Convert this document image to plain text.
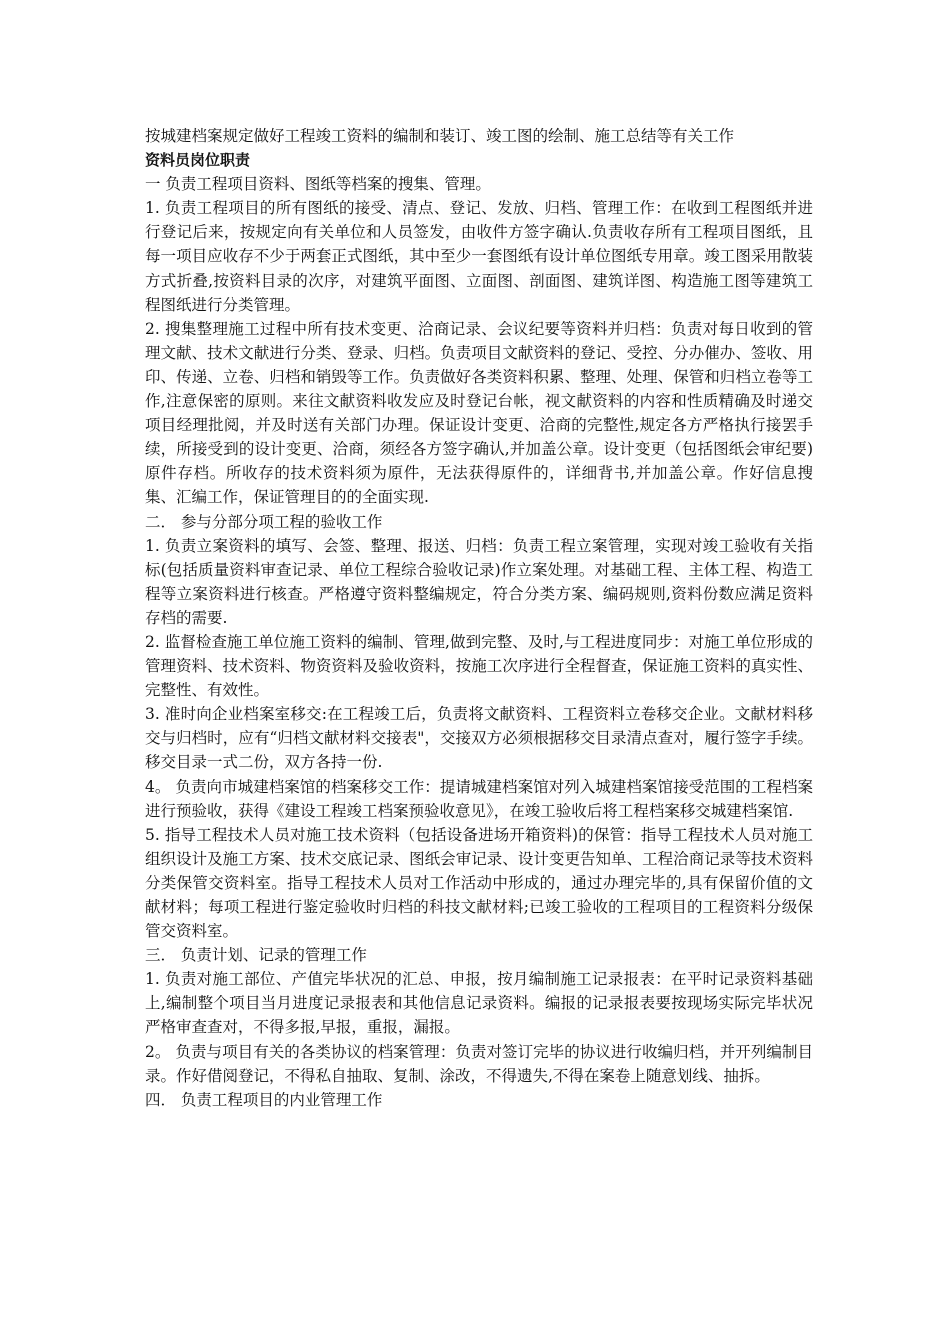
按城建档案规定做好工程竣工资料的编制和装订、竣工图的绘制、施工总结等有关工作

资料员岗位职责

一 负责工程项目资料、图纸等档案的搜集、管理。

1. 负责工程项目的所有图纸的接受、清点、登记、发放、归档、管理工作：在收到工程图纸并进行登记后来，按规定向有关单位和人员签发，由收件方签字确认.负责收存所有工程项目图纸，且每一项目应收存不少于两套正式图纸，其中至少一套图纸有设计单位图纸专用章。竣工图采用散装方式折叠,按资料目录的次序，对建筑平面图、立面图、剖面图、建筑详图、构造施工图等建筑工程图纸进行分类管理。

2. 搜集整理施工过程中所有技术变更、洽商记录、会议纪要等资料并归档：负责对每日收到的管理文献、技术文献进行分类、登录、归档。负责项目文献资料的登记、受控、分办催办、签收、用印、传递、立卷、归档和销毁等工作。负责做好各类资料积累、整理、处理、保管和归档立卷等工作,注意保密的原则。来往文献资料收发应及时登记台帐，视文献资料的内容和性质精确及时递交项目经理批阅，并及时送有关部门办理。保证设计变更、洽商的完整性,规定各方严格执行接罢手续，所接受到的设计变更、洽商，须经各方签字确认,并加盖公章。设计变更（包括图纸会审纪要)原件存档。所收存的技术资料须为原件，无法获得原件的，详细背书,并加盖公章。作好信息搜集、汇编工作，保证管理目的的全面实现.

二． 参与分部分项工程的验收工作

1. 负责立案资料的填写、会签、整理、报送、归档：负责工程立案管理，实现对竣工验收有关指标(包括质量资料审查记录、单位工程综合验收记录)作立案处理。对基础工程、主体工程、构造工程等立案资料进行核查。严格遵守资料整编规定，符合分类方案、编码规则,资料份数应满足资料存档的需要.

2. 监督检查施工单位施工资料的编制、管理,做到完整、及时,与工程进度同步：对施工单位形成的管理资料、技术资料、物资资料及验收资料，按施工次序进行全程督查，保证施工资料的真实性、完整性、有效性。

3. 准时向企业档案室移交:在工程竣工后，负责将文献资料、工程资料立卷移交企业。文献材料移交与归档时，应有“归档文献材料交接表"，交接双方必须根据移交目录清点查对，履行签字手续。移交目录一式二份，双方各持一份.

4。 负责向市城建档案馆的档案移交工作：提请城建档案馆对列入城建档案馆接受范围的工程档案进行预验收，获得《建设工程竣工档案预验收意见》，在竣工验收后将工程档案移交城建档案馆.

5. 指导工程技术人员对施工技术资料（包括设备进场开箱资料)的保管：指导工程技术人员对施工组织设计及施工方案、技术交底记录、图纸会审记录、设计变更告知单、工程洽商记录等技术资料分类保管交资料室。指导工程技术人员对工作活动中形成的，通过办理完毕的,具有保留价值的文献材料；每项工程进行鉴定验收时归档的科技文献材料;已竣工验收的工程项目的工程资料分级保管交资料室。

三． 负责计划、记录的管理工作

1. 负责对施工部位、产值完毕状况的汇总、申报，按月编制施工记录报表：在平时记录资料基础上,编制整个项目当月进度记录报表和其他信息记录资料。编报的记录报表要按现场实际完毕状况严格审查查对，不得多报,早报，重报，漏报。

2。 负责与项目有关的各类协议的档案管理：负责对签订完毕的协议进行收编归档，并开列编制目录。作好借阅登记，不得私自抽取、复制、涂改，不得遗失,不得在案卷上随意划线、抽拆。

四． 负责工程项目的内业管理工作
